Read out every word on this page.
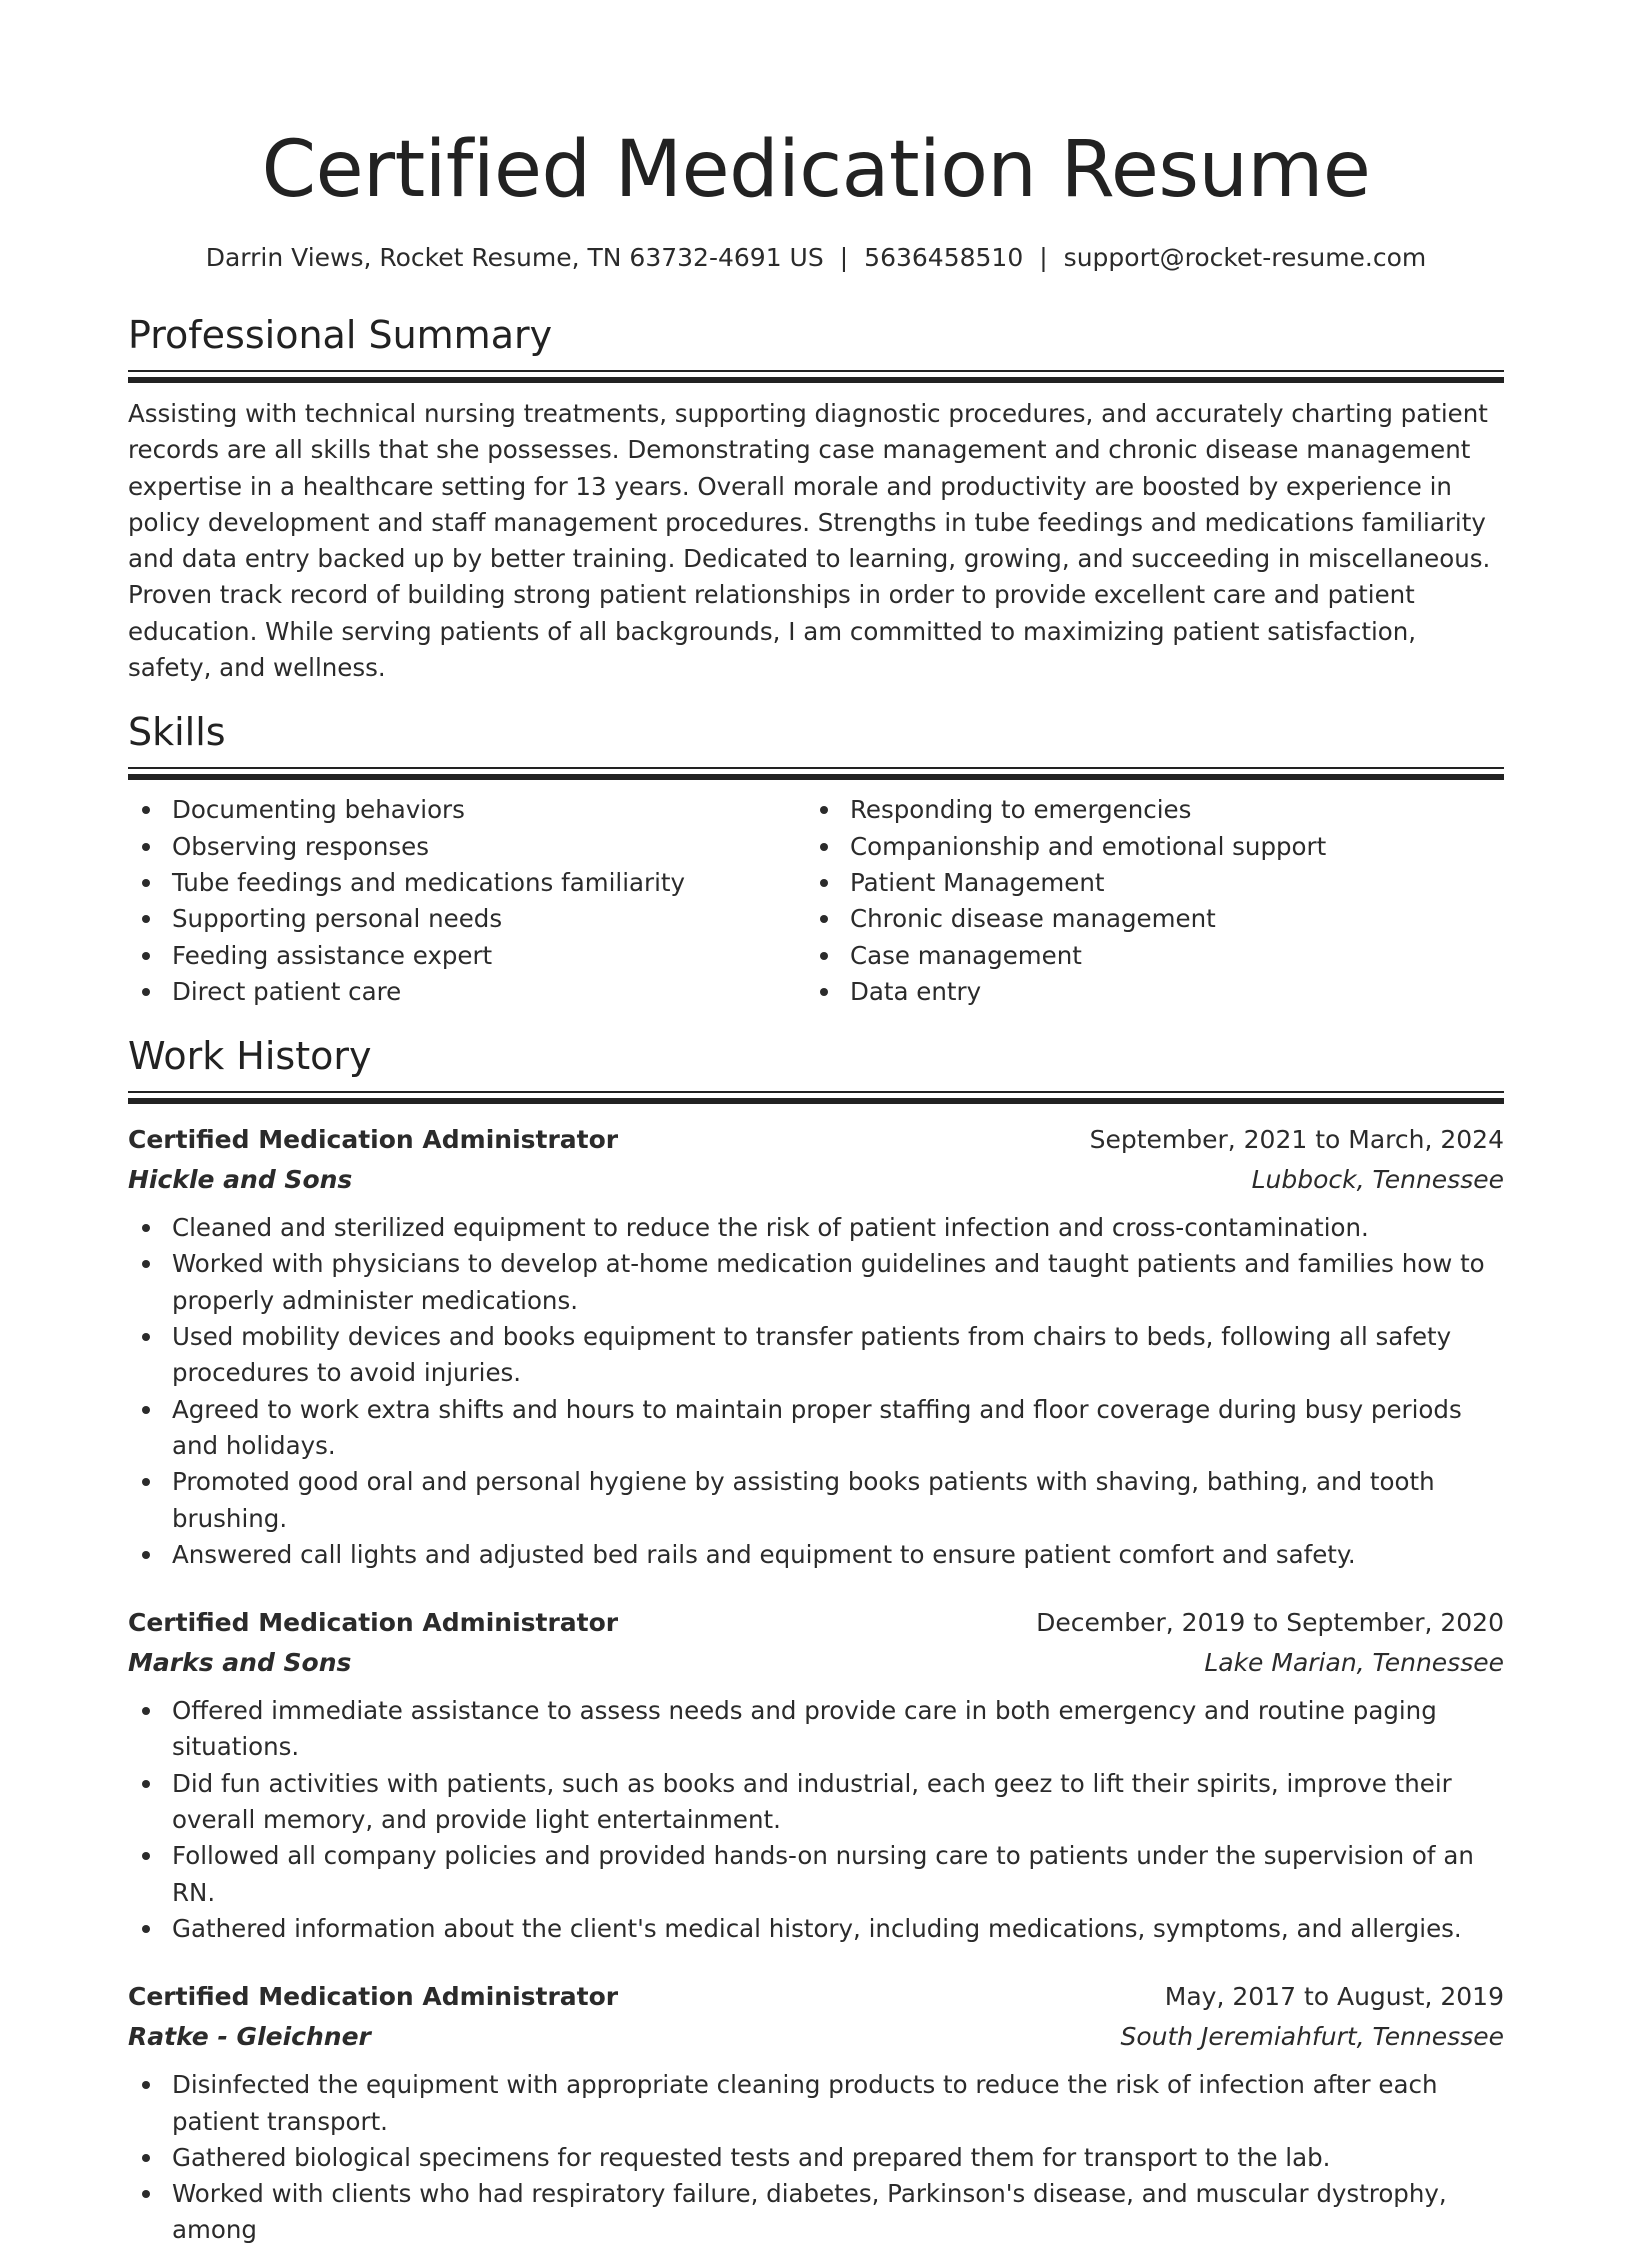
Certified Medication Resume
Darrin Views, Rocket Resume, TN 63732-4691 US | 5636458510 | support@rocket-resume.com
Professional Summary

Assisting with technical nursing treatments, supporting diagnostic procedures, and accurately charting patient records are all skills that she possesses. Demonstrating case management and chronic disease management expertise in a healthcare setting for 13 years. Overall morale and productivity are boosted by experience in policy development and staff management procedures. Strengths in tube feedings and medications familiarity and data entry backed up by better training. Dedicated to learning, growing, and succeeding in miscellaneous. Proven track record of building strong patient relationships in order to provide excellent care and patient education. While serving patients of all backgrounds, I am committed to maximizing patient satisfaction, safety, and wellness.

Skills
Documenting behaviors
Observing responses
Tube feedings and medications familiarity
Supporting personal needs
Feeding assistance expert
Direct patient care
Responding to emergencies
Companionship and emotional support
Patient Management
Chronic disease management
Case management
Data entry
Work History
Certified Medication Administrator	September, 2021 to March, 2024
Hickle and Sons	Lubbock, Tennessee
Cleaned and sterilized equipment to reduce the risk of patient infection and cross-contamination.
Worked with physicians to develop at-home medication guidelines and taught patients and families how to properly administer medications.
Used mobility devices and books equipment to transfer patients from chairs to beds, following all safety procedures to avoid injuries.
Agreed to work extra shifts and hours to maintain proper staffing and floor coverage during busy periods and holidays.
Promoted good oral and personal hygiene by assisting books patients with shaving, bathing, and tooth brushing.
Answered call lights and adjusted bed rails and equipment to ensure patient comfort and safety.
Certified Medication Administrator	December, 2019 to September, 2020
Marks and Sons	Lake Marian, Tennessee
Offered immediate assistance to assess needs and provide care in both emergency and routine paging situations.
Did fun activities with patients, such as books and industrial, each geez to lift their spirits, improve their overall memory, and provide light entertainment.
Followed all company policies and provided hands-on nursing care to patients under the supervision of an RN.
Gathered information about the client's medical history, including medications, symptoms, and allergies.
Certified Medication Administrator	May, 2017 to August, 2019
Ratke - Gleichner	South Jeremiahfurt, Tennessee
Disinfected the equipment with appropriate cleaning products to reduce the risk of infection after each patient transport.
Gathered biological specimens for requested tests and prepared them for transport to the lab.
Worked with clients who had respiratory failure, diabetes, Parkinson's disease, and muscular dystrophy, among
